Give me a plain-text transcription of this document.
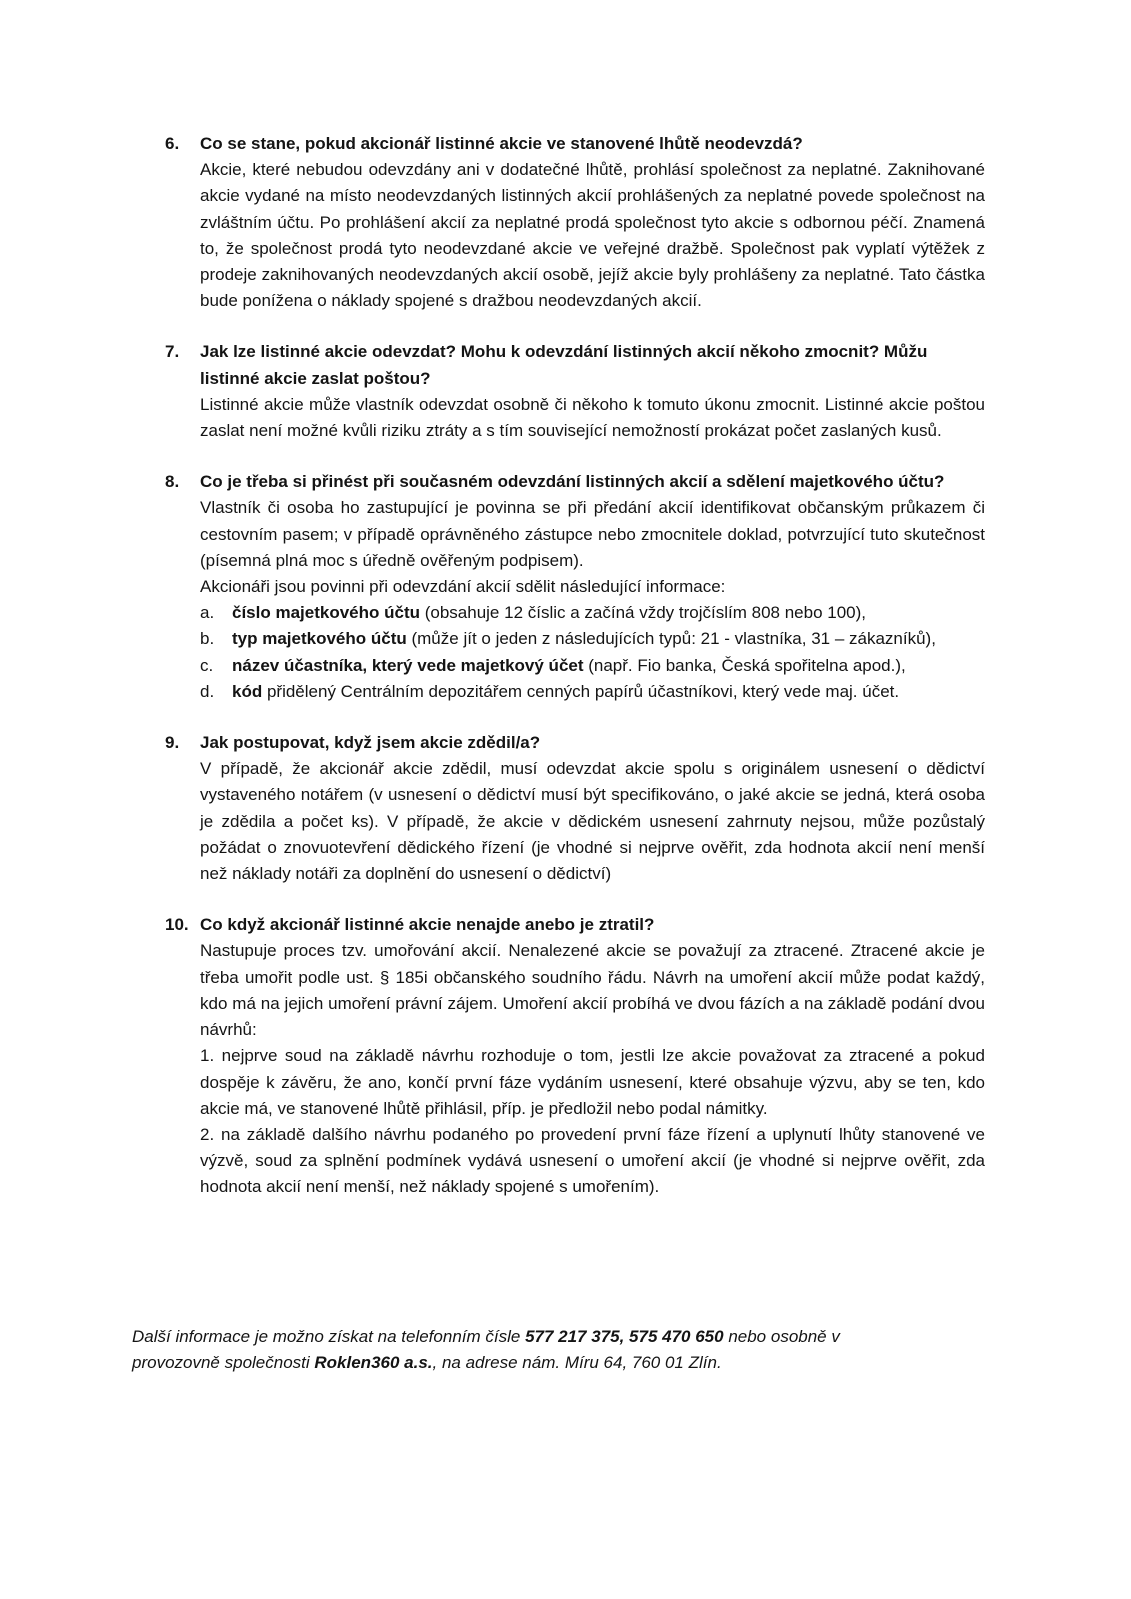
6. Co se stane, pokud akcionář listinné akcie ve stanovené lhůtě neodevzdá?

Akcie, které nebudou odevzdány ani v dodatečné lhůtě, prohlásí společnost za neplatné. Zaknihované akcie vydané na místo neodevzdaných listinných akcií prohlášených za neplatné povede společnost na zvláštním účtu. Po prohlášení akcií za neplatné prodá společnost tyto akcie s odbornou péčí. Znamená to, že společnost prodá tyto neodevzdané akcie ve veřejné dražbě. Společnost pak vyplatí výtěžek z prodeje zaknihovaných neodevzdaných akcií osobě, jejíž akcie byly prohlášeny za neplatné. Tato částka bude ponížena o náklady spojené s dražbou neodevzdaných akcií.

7. Jak lze listinné akcie odevzdat? Mohu k odevzdání listinných akcií někoho zmocnit? Můžu listinné akcie zaslat poštou?

Listinné akcie může vlastník odevzdat osobně či někoho k tomuto úkonu zmocnit. Listinné akcie poštou zaslat není možné kvůli riziku ztráty a s tím související nemožností prokázat počet zaslaných kusů.

8. Co je třeba si přinést při současném odevzdání listinných akcií a sdělení majetkového účtu?

Vlastník či osoba ho zastupující je povinna se při předání akcií identifikovat občanským průkazem či cestovním pasem; v případě oprávněného zástupce nebo zmocnitele doklad, potvrzující tuto skutečnost (písemná plná moc s úředně ověřeným podpisem).

Akcionáři jsou povinni při odevzdání akcií sdělit následující informace:

a. číslo majetkového účtu (obsahuje 12 číslic a začíná vždy trojčíslím 808 nebo 100),
b. typ majetkového účtu (může jít o jeden z následujících typů: 21 - vlastníka, 31 – zákazníků),
c. název účastníka, který vede majetkový účet (např. Fio banka, Česká spořitelna apod.),
d. kód přidělený Centrálním depozitářem cenných papírů účastníkovi, který vede maj. účet.
9. Jak postupovat, když jsem akcie zdědil/a?

V případě, že akcionář akcie zdědil, musí odevzdat akcie spolu s originálem usnesení o dědictví vystaveného notářem (v usnesení o dědictví musí být specifikováno, o jaké akcie se jedná, která osoba je zdědila a počet ks). V případě, že akcie v dědickém usnesení zahrnuty nejsou, může pozůstalý požádat o znovuotevření dědického řízení (je vhodné si nejprve ověřit, zda hodnota akcií není menší než náklady notáři za doplnění do usnesení o dědictví)

10. Co když akcionář listinné akcie nenajde anebo je ztratil?

Nastupuje proces tzv. umořování akcií. Nenalezené akcie se považují za ztracené. Ztracené akcie je třeba umořit podle ust. § 185i občanského soudního řádu. Návrh na umoření akcií může podat každý, kdo má na jejich umoření právní zájem. Umoření akcií probíhá ve dvou fázích a na základě podání dvou návrhů:

1. nejprve soud na základě návrhu rozhoduje o tom, jestli lze akcie považovat za ztracené a pokud dospěje k závěru, že ano, končí první fáze vydáním usnesení, které obsahuje výzvu, aby se ten, kdo akcie má, ve stanovené lhůtě přihlásil, příp. je předložil nebo podal námitky.

2. na základě dalšího návrhu podaného po provedení první fáze řízení a uplynutí lhůty stanovené ve výzvě, soud za splnění podmínek vydává usnesení o umoření akcií (je vhodné si nejprve ověřit, zda hodnota akcií není menší, než náklady spojené s umořením).

Další informace je možno získat na telefonním čísle 577 217 375, 575 470 650 nebo osobně v provozovně společnosti Roklen360 a.s., na adrese nám. Míru 64, 760 01 Zlín.
